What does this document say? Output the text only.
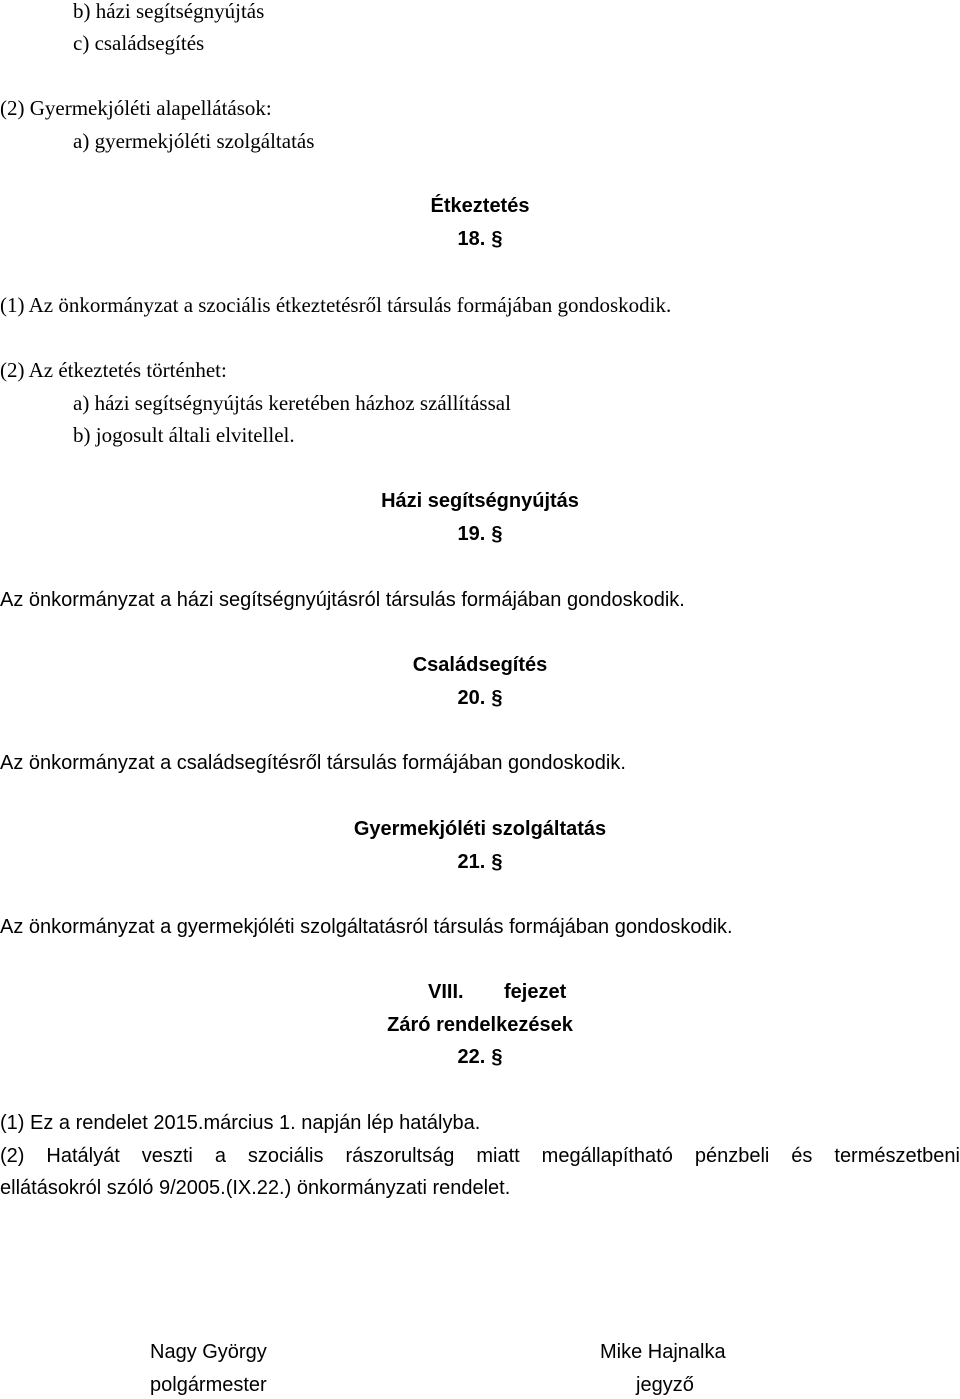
b) házi segítségnyújtás
c) családsegítés
(2) Gyermekjóléti alapellátások:
a) gyermekjóléti szolgáltatás
Étkeztetés
18. §
(1) Az önkormányzat a szociális étkeztetésről társulás formájában gondoskodik.
(2) Az étkeztetés történhet:
a) házi segítségnyújtás keretében házhoz szállítással
b) jogosult általi elvitellel.
Házi segítségnyújtás
19. §
Az önkormányzat a házi segítségnyújtásról társulás formájában gondoskodik.
Családsegítés
20. §
Az önkormányzat a családsegítésről társulás formájában gondoskodik.
Gyermekjóléti szolgáltatás
21. §
Az önkormányzat a gyermekjóléti szolgáltatásról társulás formájában gondoskodik.
VIII. fejezet
Záró rendelkezések
22. §
(1) Ez a rendelet 2015.március 1. napján lép hatályba.
(2) Hatályát veszti a szociális rászorultság miatt megállapítható pénzbeli és természetbeni
ellátásokról szóló 9/2005.(IX.22.) önkormányzati rendelet.
Nagy György
polgármester
Mike Hajnalka
jegyző
